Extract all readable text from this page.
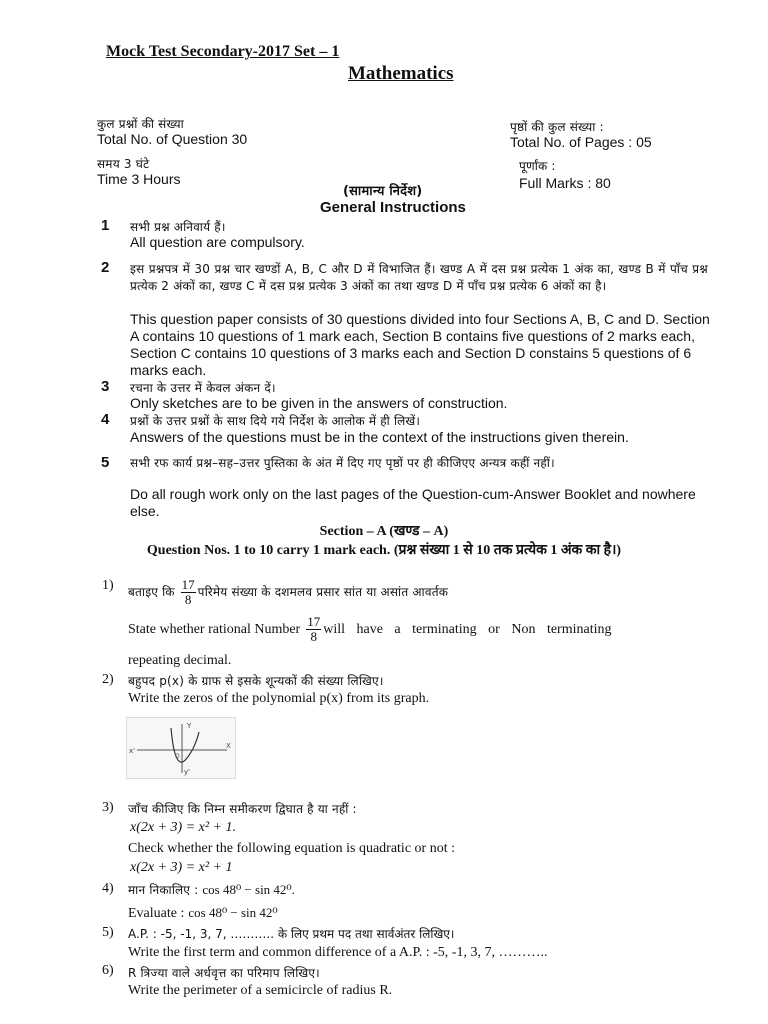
Mock Test Secondary-2017 Set – 1
Mathematics
कुल प्रश्नों की संख्या
Total No. of Question 30
पृष्ठों की कुल संख्या :
Total No. of Pages : 05
समय 3 घंटे
Time 3 Hours
पूर्णांक :
Full Marks : 80
(सामान्य निर्देश)
General Instructions
1 सभी प्रश्न अनिवार्य हैं।
All question are compulsory.
2 इस प्रश्नपत्र में 30 प्रश्न चार खण्डों A, B, C और D में विभाजित हैं। खण्ड A में दस प्रश्न प्रत्येक 1 अंक का, खण्ड B में पाँच प्रश्न प्रत्येक 2 अंकों का, खण्ड C में दस प्रश्न प्रत्येक 3 अंकों का तथा खण्ड D में पाँच प्रश्न प्रत्येक 6 अंकों का है।
This question paper consists of 30 questions divided into four Sections A, B, C and D. Section A contains 10 questions of 1 mark each, Section B contains five questions of 2 marks each, Section C contains 10 questions of 3 marks each and Section D constains 5 questions of 6 marks each.
3 रचना के उत्तर में केवल अंकन दें।
Only sketches are to be given in the answers of construction.
4 प्रश्नों के उत्तर प्रश्नों के साथ दिये गये निर्देश के आलोक में ही लिखें।
Answers of the questions must be in the context of the instructions given therein.
5 सभी रफ कार्य प्रश्न–सह–उत्तर पुस्तिका के अंत में दिए गए पृष्ठों पर ही कीजिएए अन्यत्र कहीं नहीं।
Do all rough work only on the last pages of the Question-cum-Answer Booklet and nowhere else.
Section – A (खण्ड – A)
Question Nos. 1 to 10 carry 1 mark each. (प्रश्न संख्या 1 से 10 तक प्रत्येक 1 अंक का है।)
1) बताइए कि $\frac{17}{8}$ परिमेय संख्या के दशमलव प्रसार सांत या असांत आवर्तक
State whether rational Number $\frac{17}{8}$ will have a terminating or Non terminating
repeating decimal.
2) बहुपद p(x) के ग्राफ से इसके शून्यकों की संख्या लिखिए।
Write the zeros of the polynomial p(x) from its graph.
Y
X
x'
O
y'
3) जाँच कीजिए कि निम्न समीकरण द्विघात है या नहीं :
x(2x + 3) = x² + 1.
Check whether the following equation is quadratic or not :
x(2x + 3) = x² + 1
4) मान निकालिए : cos 48⁰ − sin 42⁰.
Evaluate : cos 48⁰ − sin 42⁰
5) A.P. : -5, -1, 3, 7, ……….. के लिए प्रथम पद तथा सार्वअंतर लिखिए।
Write the first term and common difference of a A.P. : -5, -1, 3, 7, ………..
6) R त्रिज्या वाले अर्धवृत्त का परिमाप लिखिए।
Write the perimeter of a semicircle of radius R.
